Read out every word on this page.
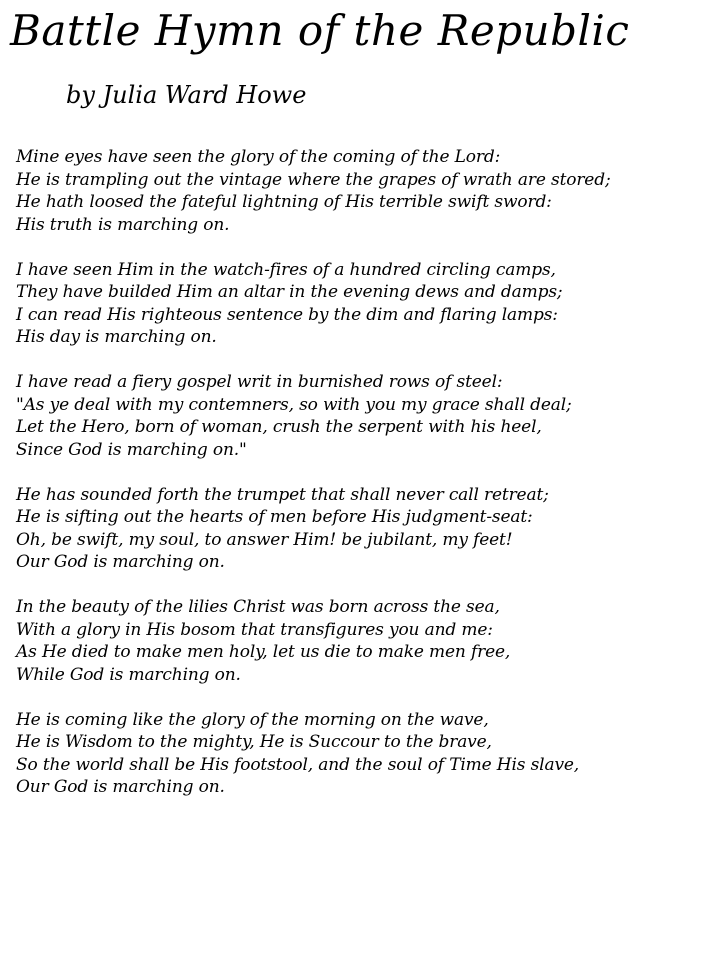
Battle Hymn of the Republic

by Julia Ward Howe

Mine eyes have seen the glory of the coming of the Lord:
He is trampling out the vintage where the grapes of wrath are stored;
He hath loosed the fateful lightning of His terrible swift sword:
His truth is marching on.
I have seen Him in the watch-fires of a hundred circling camps,
They have builded Him an altar in the evening dews and damps;
I can read His righteous sentence by the dim and flaring lamps:
His day is marching on.
I have read a fiery gospel writ in burnished rows of steel:
"As ye deal with my contemners, so with you my grace shall deal;
Let the Hero, born of woman, crush the serpent with his heel,
Since God is marching on."
He has sounded forth the trumpet that shall never call retreat;
He is sifting out the hearts of men before His judgment-seat:
Oh, be swift, my soul, to answer Him! be jubilant, my feet!
Our God is marching on.
In the beauty of the lilies Christ was born across the sea,
With a glory in His bosom that transfigures you and me:
As He died to make men holy, let us die to make men free,
While God is marching on.
He is coming like the glory of the morning on the wave,
He is Wisdom to the mighty, He is Succour to the brave,
So the world shall be His footstool, and the soul of Time His slave,
Our God is marching on.
